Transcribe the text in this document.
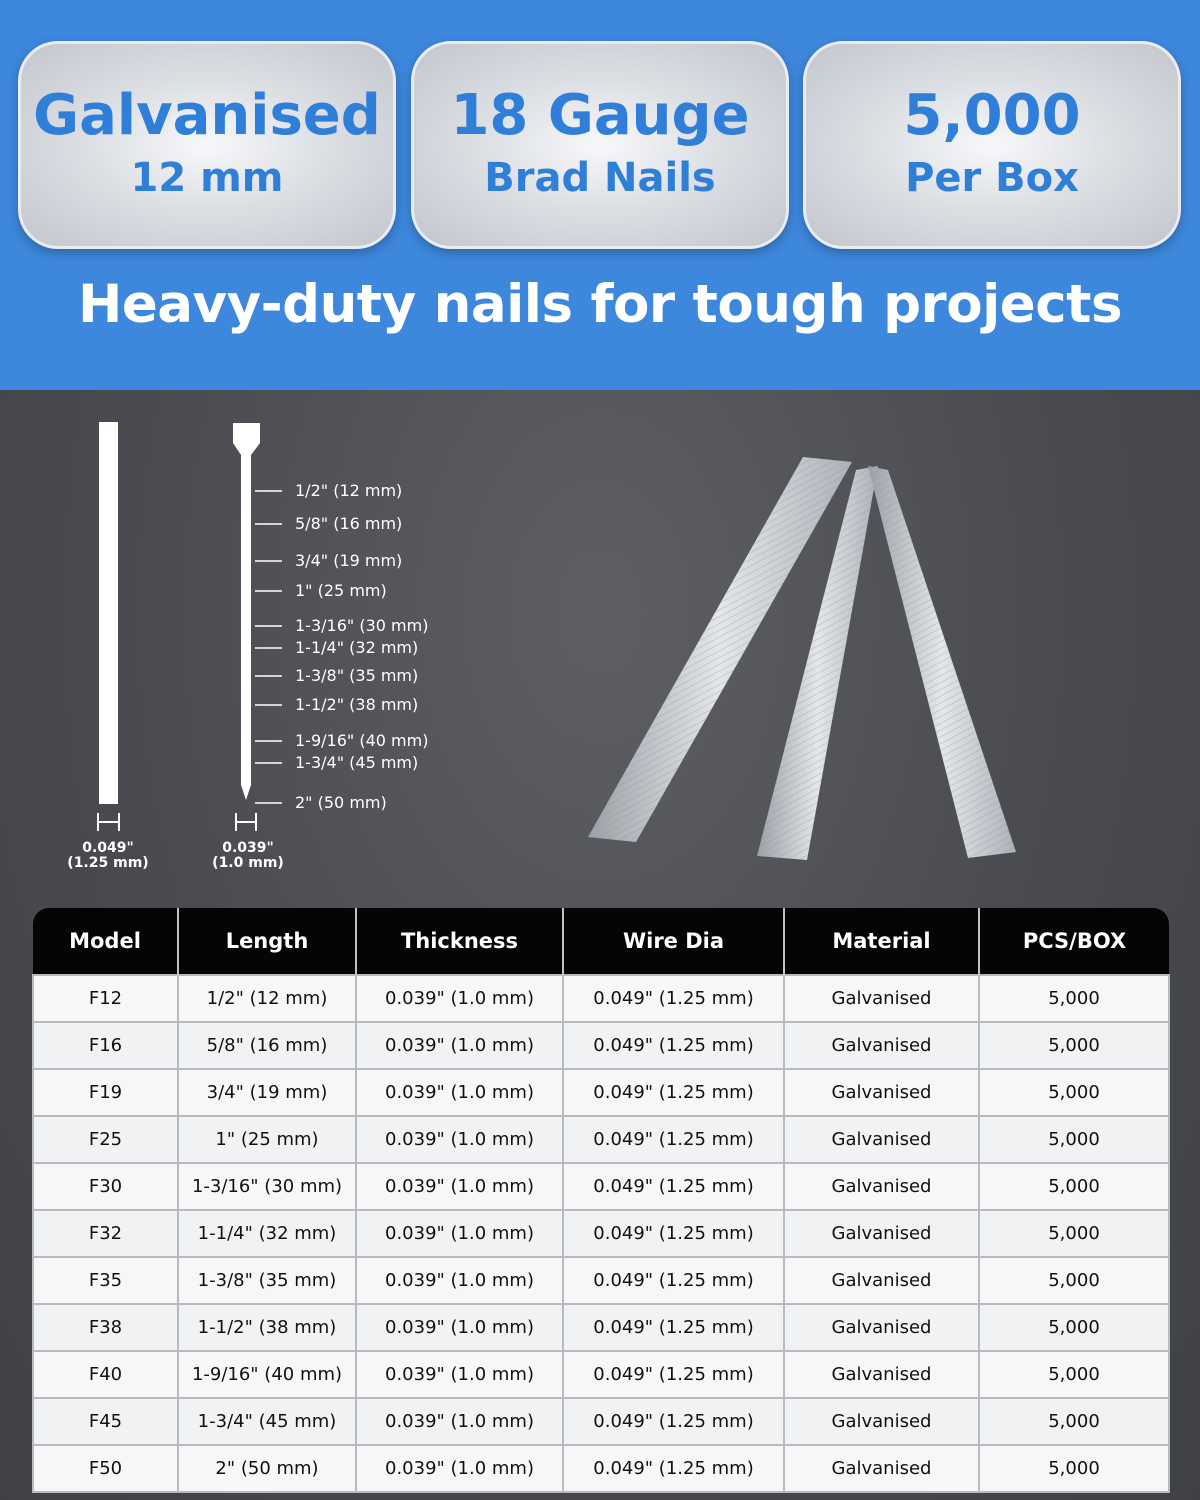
Galvanised
12 mm
18 Gauge
Brad Nails
5,000
Per Box
Heavy-duty nails for tough projects
1/2" (12 mm)
5/8" (16 mm)
3/4" (19 mm)
1" (25 mm)
1-3/16" (30 mm)
1-1/4" (32 mm)
1-3/8" (35 mm)
1-1/2" (38 mm)
1-9/16" (40 mm)
1-3/4" (45 mm)
2" (50 mm)
0.049"
(1.25 mm)
0.039"
(1.0 mm)
Model	Length	Thickness	Wire Dia	Material	PCS/BOX
F12	1/2" (12 mm)	0.039" (1.0 mm)	0.049" (1.25 mm)	Galvanised	5,000
F16	5/8" (16 mm)	0.039" (1.0 mm)	0.049" (1.25 mm)	Galvanised	5,000
F19	3/4" (19 mm)	0.039" (1.0 mm)	0.049" (1.25 mm)	Galvanised	5,000
F25	1" (25 mm)	0.039" (1.0 mm)	0.049" (1.25 mm)	Galvanised	5,000
F30	1-3/16" (30 mm)	0.039" (1.0 mm)	0.049" (1.25 mm)	Galvanised	5,000
F32	1-1/4" (32 mm)	0.039" (1.0 mm)	0.049" (1.25 mm)	Galvanised	5,000
F35	1-3/8" (35 mm)	0.039" (1.0 mm)	0.049" (1.25 mm)	Galvanised	5,000
F38	1-1/2" (38 mm)	0.039" (1.0 mm)	0.049" (1.25 mm)	Galvanised	5,000
F40	1-9/16" (40 mm)	0.039" (1.0 mm)	0.049" (1.25 mm)	Galvanised	5,000
F45	1-3/4" (45 mm)	0.039" (1.0 mm)	0.049" (1.25 mm)	Galvanised	5,000
F50	2" (50 mm)	0.039" (1.0 mm)	0.049" (1.25 mm)	Galvanised	5,000
